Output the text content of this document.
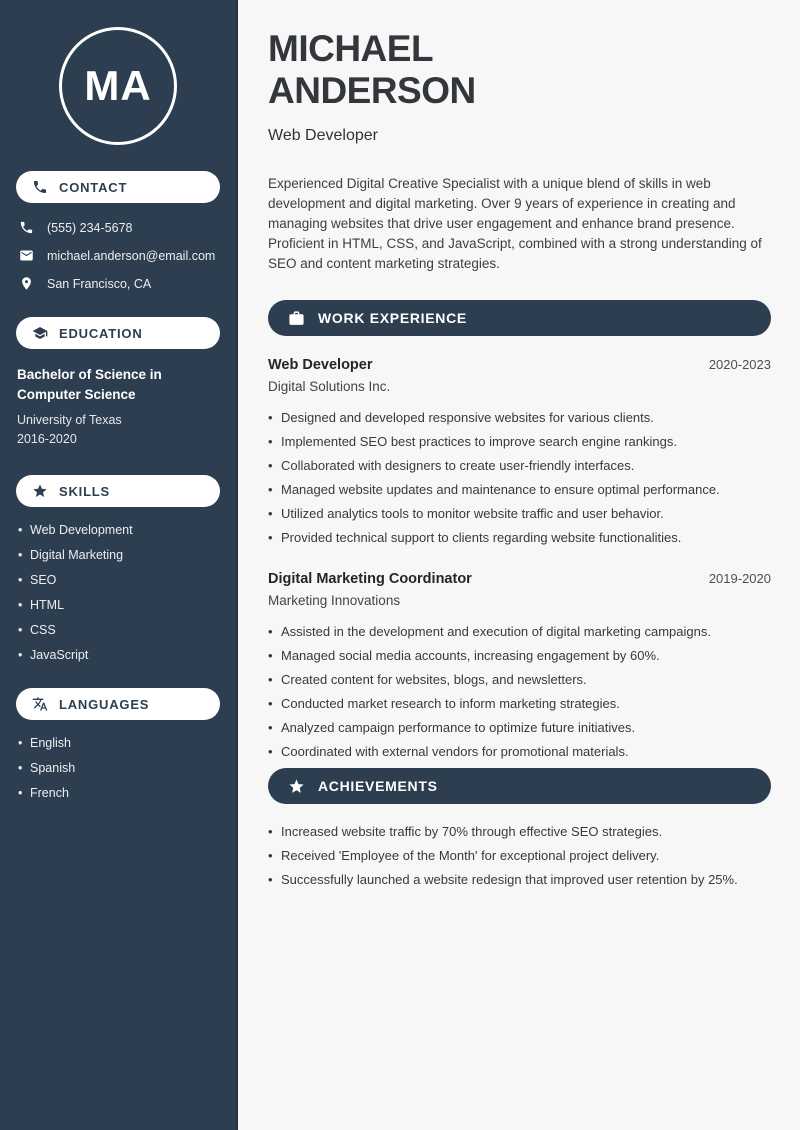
MA
CONTACT
(555) 234-5678
michael.anderson@email.com
San Francisco, CA
EDUCATION
Bachelor of Science in Computer Science
University of Texas
2016-2020
SKILLS
• Web Development
• Digital Marketing
• SEO
• HTML
• CSS
• JavaScript
LANGUAGES
• English
• Spanish
• French
MICHAEL ANDERSON
Web Developer

Experienced Digital Creative Specialist with a unique blend of skills in web development and digital marketing. Over 9 years of experience in creating and managing websites that drive user engagement and enhance brand presence. Proficient in HTML, CSS, and JavaScript, combined with a strong understanding of SEO and content marketing strategies.

WORK EXPERIENCE
Web Developer	2020-2023
Digital Solutions Inc.
• Designed and developed responsive websites for various clients.
• Implemented SEO best practices to improve search engine rankings.
• Collaborated with designers to create user-friendly interfaces.
• Managed website updates and maintenance to ensure optimal performance.
• Utilized analytics tools to monitor website traffic and user behavior.
• Provided technical support to clients regarding website functionalities.
Digital Marketing Coordinator	2019-2020
Marketing Innovations
• Assisted in the development and execution of digital marketing campaigns.
• Managed social media accounts, increasing engagement by 60%.
• Created content for websites, blogs, and newsletters.
• Conducted market research to inform marketing strategies.
• Analyzed campaign performance to optimize future initiatives.
• Coordinated with external vendors for promotional materials.
ACHIEVEMENTS
• Increased website traffic by 70% through effective SEO strategies.
• Received 'Employee of the Month' for exceptional project delivery.
• Successfully launched a website redesign that improved user retention by 25%.
